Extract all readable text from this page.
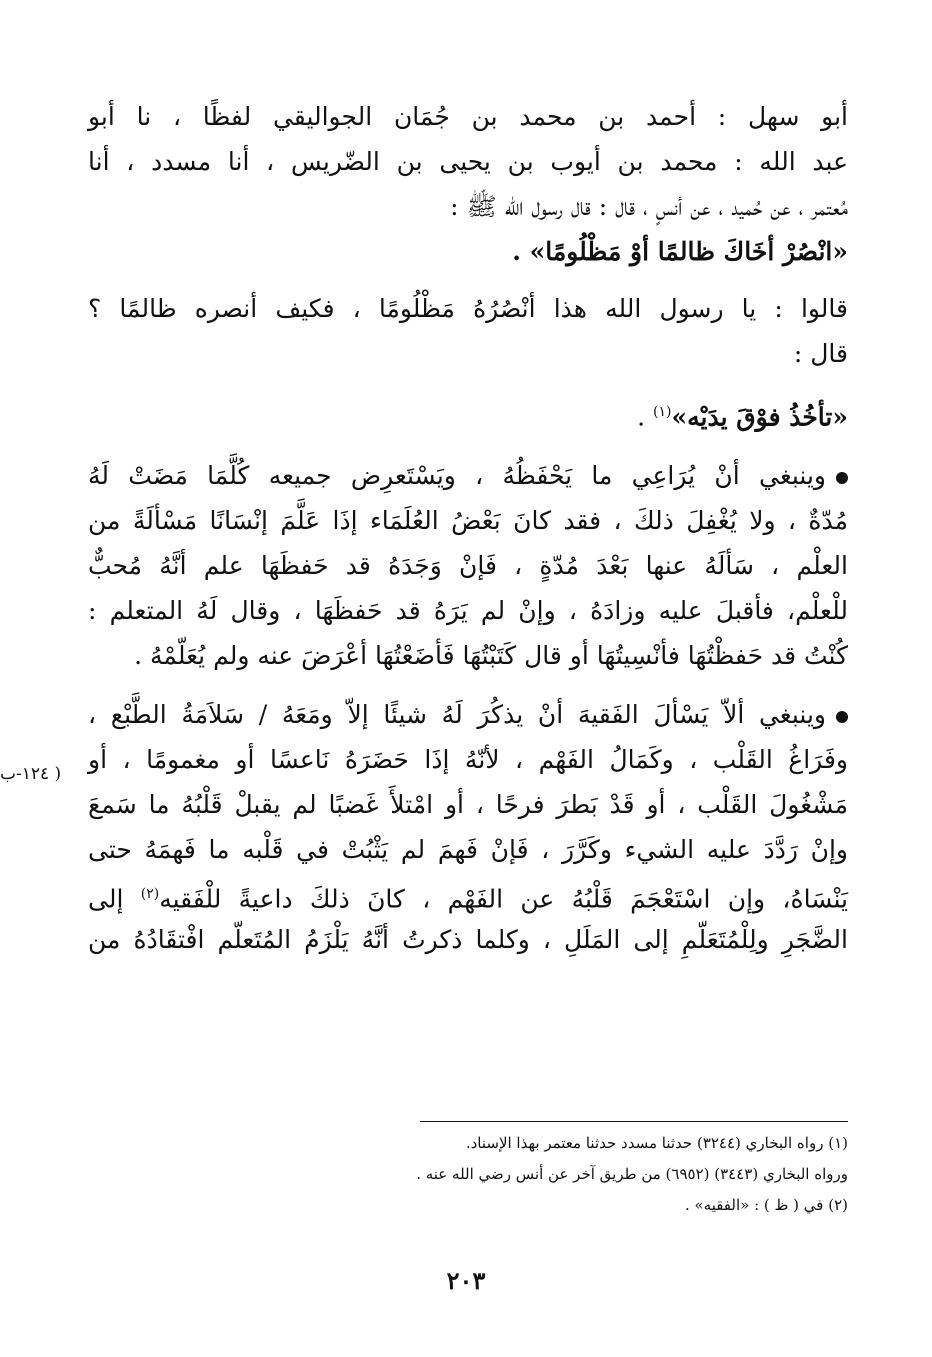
أبو سهل : أحمد بن محمد بن جُمَان الجواليقي لفظًا ، نا أبو
عبد الله : محمد بن أيوب بن يحيى بن الضّريس ، أنا مسدد ، أنا
مُعتمر ، عن حُميد ، عن أنسٍ ، قال : قال رسول الله ﷺ :
«انْصُرْ أخَاكَ ظالمًا أوْ مَظْلُومًا» .
قالوا : يا رسول الله هذا أنْصُرُهُ مَظْلُومًا ، فكيف أنصره ظالمًا ؟
قال :
«تأخُذُ فوْقَ يدَيْه»$^{(١)}$ .
وينبغي أنْ يُرَاعِي ما يَحْفَظُهُ ، ويَسْتَعرِض جميعه كُلَّمَا مَضَتْ لَهُ
مُدّةٌ ، ولا يُغْفِلَ ذلكَ ، فقد كانَ بَعْضُ العُلَمَاء إذَا عَلَّمَ إنْسَانًا مَسْألَةً من
العلْم ، سَألَهُ عنها بَعْدَ مُدّةٍ ، فَإنْ وَجَدَهُ قد حَفظَهَا علم أنَّهُ مُحبٌّ
للْعلْم، فأقبلَ عليه وزادَهُ ، وإنْ لم يَرَهُ قد حَفظَهَا ، وقال لَهُ المتعلم :
كُنْتُ قد حَفظْتُهَا فأنْسِيتُهَا أو قال كَتَبْتُهَا فَأضَعْتُهَا أعْرَضَ عنه ولم يُعَلّمْهُ .
وينبغي ألاّ يَسْألَ الفَقيهَ أنْ يذكُرَ لَهُ شيئًا إلاّ ومَعَهُ / سَلاَمَةُ الطَّبْع ،
وفَرَاغُ القَلْب ، وكَمَالُ الفَهْم ، لأنّهُ إذَا حَضَرَهُ نَاعسًا أو مغمومًا ، أو
مَشْغُولَ القَلْب ، أو قَدْ بَطرَ فرحًا ، أو امْتلأَ غَضبًا لم يقبلْ قَلْبُهُ ما سَمعَ
وإنْ رَدَّدَ عليه الشيء وكَرَّرَ ، فَإنْ فَهمَ لم يَثْبُتْ في قَلْبه ما فَهمَهُ حتى
يَنْسَاهُ، وإن اسْتَعْجَمَ قَلْبُهُ عن الفَهْم ، كانَ ذلكَ داعيةً للْفَقيه$^{(٢)}$ إلى
الضَّجَرِ ولِلْمُتَعَلّمِ إلى المَلَلِ ، وكلما ذكرتُ أنَّهُ يَلْزَمُ المُتَعلّم افْتقَادُهُ من
( ١٢٤-ب
(١) رواه البخاري (٣٢٤٤) حدثنا مسدد حدثنا معتمر بهذا الإسناد.
ورواه البخاري (٣٤٤٣) (٦٩٥٢) من طريق آخر عن أنس رضي الله عنه .
(٢) في ( ظ ) : «الفقيه» .
٢٠٣
